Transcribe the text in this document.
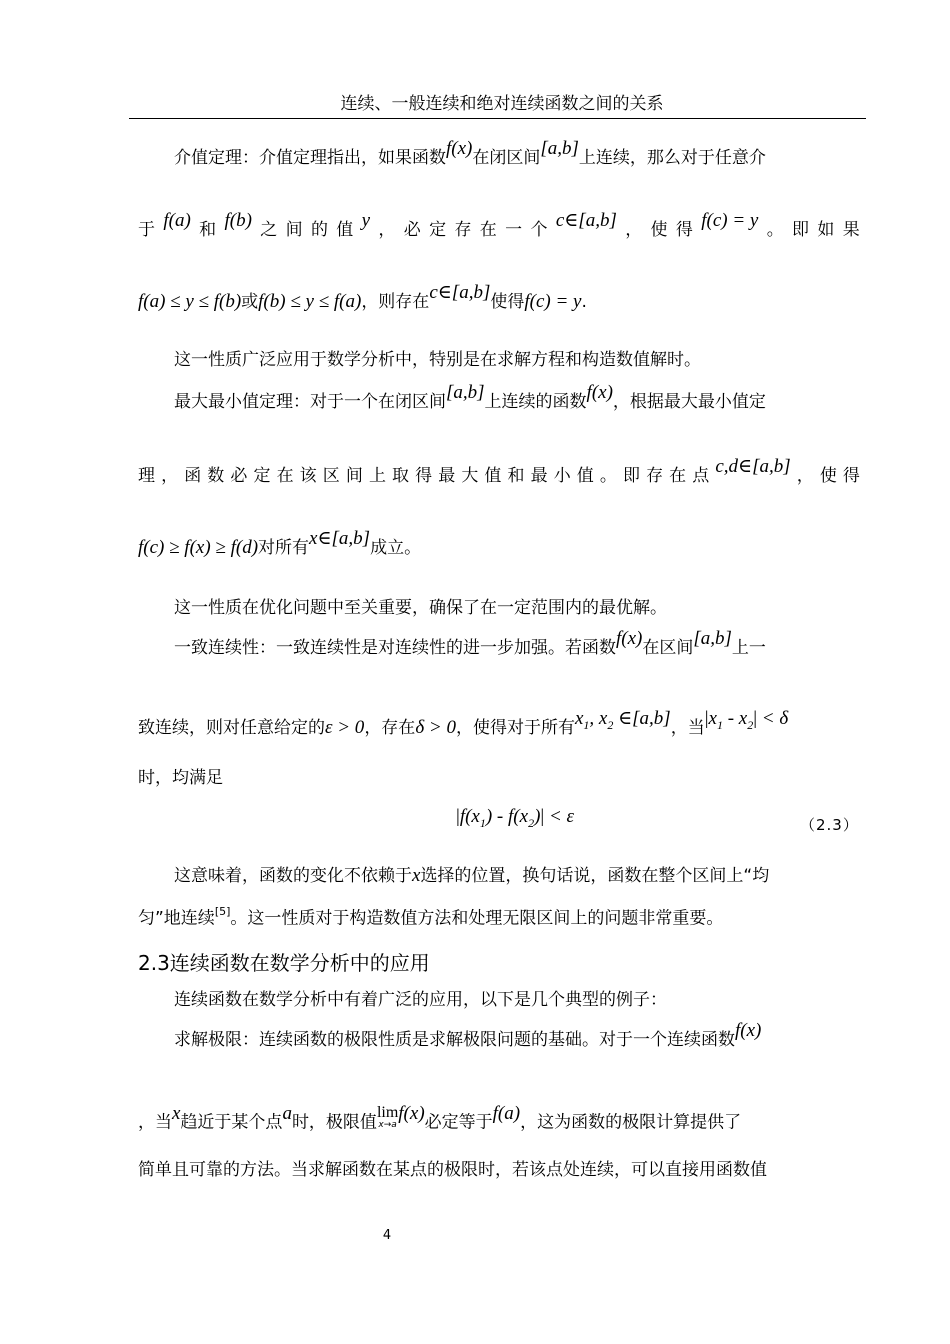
连续、一般连续和绝对连续函数之间的关系
介值定理：介值定理指出，如果函数f(x)在闭区间[a,b]上连续，那么对于任意介
于 f(a) 和 f(b) 之 间 的 值 y ， 必 定 存 在 一 个 c∈[a,b] ， 使 得 f(c) = y 。 即 如 果
f(a) ≤ y ≤ f(b)或f(b) ≤ y ≤ f(a)，则存在c∈[a,b]使得f(c) = y.
这一性质广泛应用于数学分析中，特别是在求解方程和构造数值解时。
最大最小值定理：对于一个在闭区间[a,b]上连续的函数f(x)，根据最大最小值定
理 ， 函 数 必 定 在 该 区 间 上 取 得 最 大 值 和 最 小 值 。 即 存 在 点 c,d∈[a,b] ， 使 得
f(c) ≥ f(x) ≥ f(d)对所有x∈[a,b]成立。
这一性质在优化问题中至关重要，确保了在一定范围内的最优解。
一致连续性：一致连续性是对连续性的进一步加强。若函数f(x)在区间[a,b]上一
致连续，则对任意给定的ε > 0，存在δ > 0，使得对于所有$x_1$, $x_2$ ∈[a,b]，当$|x_1 - x_2| < \delta$
时，均满足
$|f(x_1) - f(x_2)| < \varepsilon$	（2.3）
这意味着，函数的变化不依赖于x选择的位置，换句话说，函数在整个区间上“均
匀”地连续[5]。这一性质对于构造数值方法和处理无限区间上的问题非常重要。
2.3连续函数在数学分析中的应用
连续函数在数学分析中有着广泛的应用，以下是几个典型的例子：
求解极限：连续函数的极限性质是求解极限问题的基础。对于一个连续函数f(x)
，当x趋近于某个点a时，极限值lim
x→a
f(x)必定等于f(a)，这为函数的极限计算提供了
简单且可靠的方法。当求解函数在某点的极限时，若该点处连续，可以直接用函数值
4
